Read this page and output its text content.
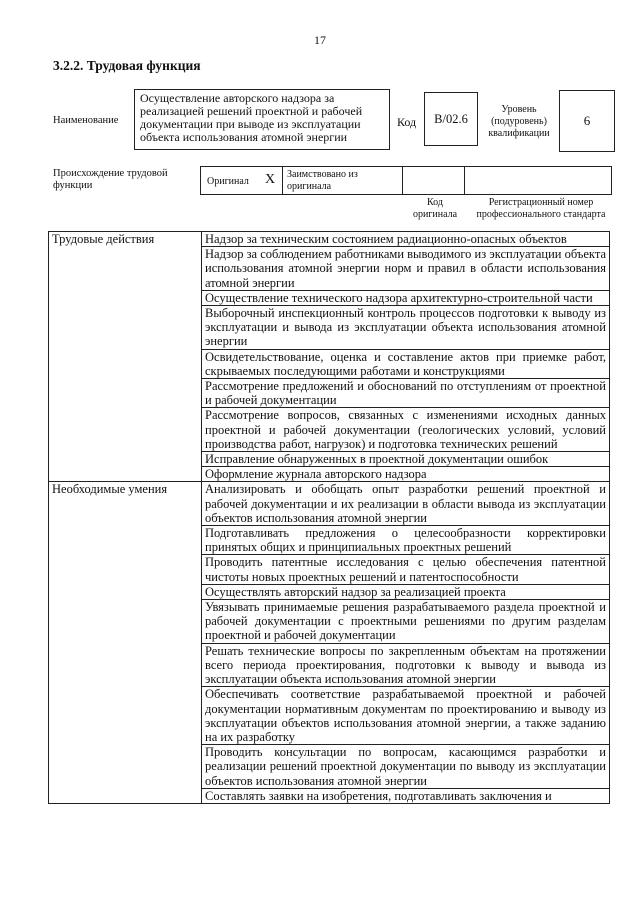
17
3.2.2. Трудовая функция
Наименование
Осуществление авторского надзора за реализацией решений проектной и рабочей документации при выводе из эксплуатации объекта использования атомной энергии
Код B/02.6
Уровень (подуровень) квалификации
6
Происхождение трудовой функции	Оригинал X Заимствовано из оригинала
Код оригинала
Регистрационный номер профессионального стандарта
Трудовые действия	Надзор за техническим состоянием радиационно-опасных объектов
	Надзор за соблюдением работниками выводимого из эксплуатации объекта использования атомной энергии норм и правил в области использования атомной энергии
	Осуществление технического надзора архитектурно-строительной части
	Выборочный инспекционный контроль процессов подготовки к выводу из эксплуатации и вывода из эксплуатации объекта использования атомной энергии
	Освидетельствование, оценка и составление актов при приемке работ, скрываемых последующими работами и конструкциями
	Рассмотрение предложений и обоснований по отступлениям от проектной и рабочей документации
	Рассмотрение вопросов, связанных с изменениями исходных данных проектной и рабочей документации (геологических условий, условий производства работ, нагрузок) и подготовка технических решений
	Исправление обнаруженных в проектной документации ошибок
	Оформление журнала авторского надзора
Необходимые умения	Анализировать и обобщать опыт разработки решений проектной и рабочей документации и их реализации в области вывода из эксплуатации объектов использования атомной энергии
	Подготавливать предложения о целесообразности корректировки принятых общих и принципиальных проектных решений
	Проводить патентные исследования с целью обеспечения патентной чистоты новых проектных решений и патентоспособности
	Осуществлять авторский надзор за реализацией проекта
	Увязывать принимаемые решения разрабатываемого раздела проектной и рабочей документации с проектными решениями по другим разделам проектной и рабочей документации
	Решать технические вопросы по закрепленным объектам на протяжении всего периода проектирования, подготовки к выводу и вывода из эксплуатации объекта использования атомной энергии
	Обеспечивать соответствие разрабатываемой проектной и рабочей документации нормативным документам по проектированию и выводу из эксплуатации объектов использования атомной энергии, а также заданию на их разработку
	Проводить консультации по вопросам, касающимся разработки и реализации решений проектной документации по выводу из эксплуатации объектов использования атомной энергии
	Составлять заявки на изобретения, подготавливать заключения и
